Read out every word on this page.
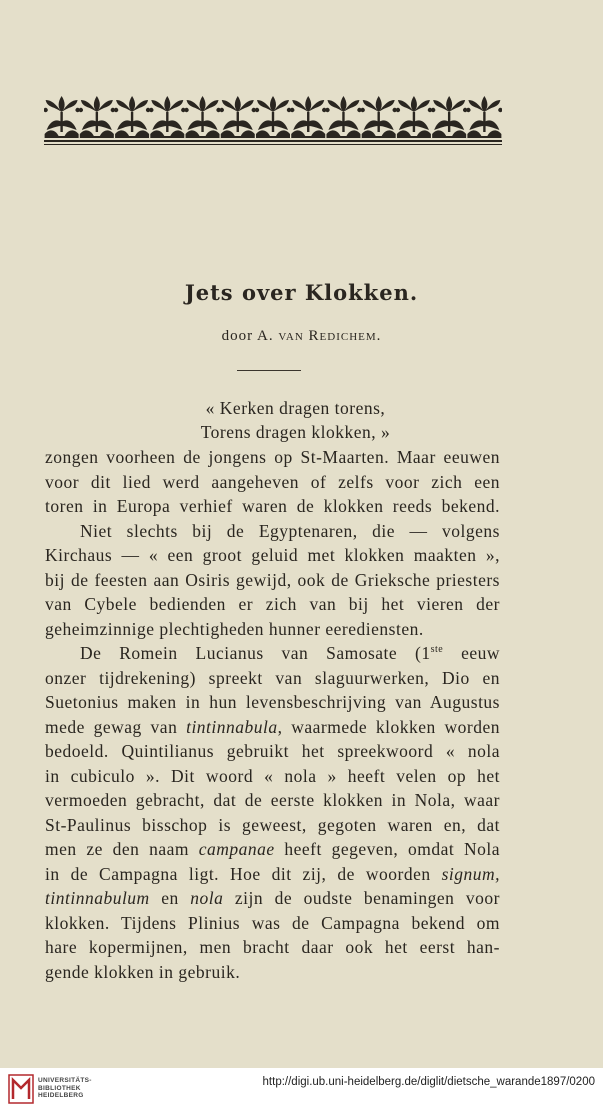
Jets over Klokken.
door A. van Redichem.
« Kerken dragen torens,
Torens dragen klokken, »
zongen voorheen de jongens op St-Maarten. Maar eeuwen
voor dit lied werd aangeheven of zelfs voor zich een
toren in Europa verhief waren de klokken reeds bekend.
Niet slechts bij de Egyptenaren, die — volgens
Kirchaus — « een groot geluid met klokken maakten »,
bij de feesten aan Osiris gewijd, ook de Grieksche priesters
van Cybele bedienden er zich van bij het vieren der
geheimzinnige plechtigheden hunner eerediensten.
De Romein Lucianus van Samosate (1ste eeuw
onzer tijdrekening) spreekt van slaguurwerken, Dio en
Suetonius maken in hun levensbeschrijving van Augustus
mede gewag van tintinnabula, waarmede klokken worden
bedoeld. Quintilianus gebruikt het spreekwoord « nola
in cubiculo ». Dit woord « nola » heeft velen op het
vermoeden gebracht, dat de eerste klokken in Nola, waar
St-Paulinus bisschop is geweest, gegoten waren en, dat
men ze den naam campanae heeft gegeven, omdat Nola
in de Campagna ligt. Hoe dit zij, de woorden signum,
tintinnabulum en nola zijn de oudste benamingen voor
klokken. Tijdens Plinius was de Campagna bekend om
hare kopermijnen, men bracht daar ook het eerst han-
gende klokken in gebruik.
UNIVERSITÄTS-
BIBLIOTHEK
HEIDELBERG
http://digi.ub.uni-heidelberg.de/diglit/dietsche_warande1897/0200
